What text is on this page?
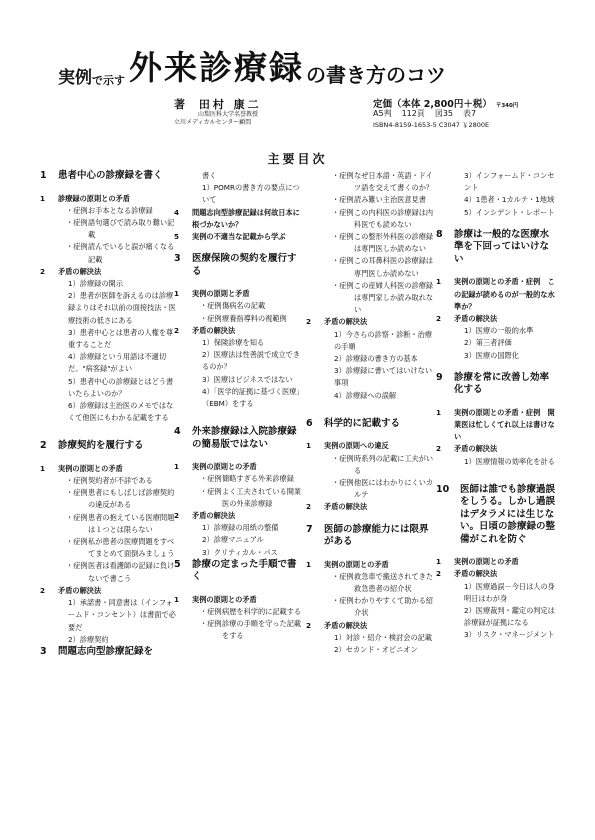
実例で示す 外来診療録 の書き方のコツ
著 田村 康二
山梨医科大学名誉教授
立川メディカルセンター顧問
定価（本体 2,800円＋税） 〒340円
A5判 112頁 図35 表7
ISBN4-8159-1653-5 C3047 ￥2800E
主要目次
1 患者中心の診療録を書く
1 診療録の原則との矛盾
・症例お手本となる診療録
・症例語句選びで読み取り難い記載
・症例読んでいると誤が痛くなる記載
2 矛盾の解決法
1）診療録の開示
2）患者が医師を訴えるのは診療録よりはそれ以前の面接技法・医療技術の低さにある
3）患者中心とは患者の人権を尊重することだ
4）診療録という用語は不適切だ。"病客録"がよい
5）患者中心の診療録とはどう書いたらよいのか？
6）診療録は主治医のメモではなくて他医にもわかる記載をする
2 診療契約を履行する
1 実例の原則との矛盾
・症例契約者が不詳である
・症例患者にもしばしば診療契約の違反がある
・症例患者の抱えている医療問題は１つとは限らない
・症例私が患者の医療問題をすべてまとめて面倒みましょう
・症例医者は看護師の記録に負けないで書こう
2 矛盾の解決法
1）承諾書・同意書は（インフォームド・コンセント）は書面で必要だ
2）診療契約
3 問題志向型診療記録を
書く
1）POMRの書き方の要点について
4 問題志向型診療記録は何故日本に根づかないか？
5 実例の不適当な記載から学ぶ
3 医療保険の契約を履行する
1 実例の原則と矛盾
・症例傷病名の記載
・症例療養指導料の視範例
2 矛盾の解決法
1）保険診療を知る
2）医療法は性善説で成立できるのか？
3）医療はビジネスではない
4）「医学的証拠に基づく医療」（EBM）をする
4 外来診療録は入院診療録の簡易版ではない
1 実例の原則との矛盾
・症例簡略すぎる外来診療録
・症例よく工夫されている開業医の外来診療録
2 矛盾の解決法
1）診療録の用紙の整備
2）診療マニュアル
3）クリティカル・パス
5 診療の定まった手順で書く
1 実例の原則との矛盾
・症例病歴を科学的に記載する
・症例診療の手順を守った記載をする
・症例なぜ日本語・英語・ドイツ語を交えて書くのか？
・症例読み難い主治医意見書
・症例この内科医の診療録は内科医でも読めない
・症例この整形外科医の診療録は専門医しか読めない
・症例この耳鼻科医の診療録は専門医しか読めない
・症例この産婦人科医の診療録は専門家しか読み取れない
2 矛盾の解決法
1）今さらの診察・診断・治療の手順
2）診療録の書き方の基本
3）診療録に書いてはいけない事項
4）診療録への誤解
6 科学的に記載する
1 実例の原則への違反
・症例時系列の記載に工夫がいる
・症例他医にはわかりにくいカルテ
2 矛盾の解決法
7 医師の診療能力には限界がある
1 実例の原則との矛盾
・症例救急車で搬送されてきた救急患者の紹介状
・症例わかりやすくて助かる紹介状
2 矛盾の解決法
1）対診・紹介・検討会の記載
2）セカンド・オピニオン
3）インフォームド・コンセント
4）1患者・1カルテ・1地域
5）インシデント・レポート
8 診療は一般的な医療水準を下回ってはいけない
1 実例の原則との矛盾・症例　この記録が読めるのが一般的な水準か？
2 矛盾の解決法
1）医療の一般的水準
2）第三者評価
3）医療の国際化
9 診療を常に改善し効率化する
1 実例の原則との矛盾・症例　開業医は忙しくてれ以上は書けない
2 矛盾の解決法
1）医療情報の効率化を計る
10 医師は誰でも診療過誤をしうる。しかし過誤はデタラメには生じない。日頃の診療録の整備がこれを防ぐ
1 実例の原則との矛盾
2 矛盾の解決法
1）医療過誤－今日は人の身明日はわが身
2）医療裁判・鑑定の判定は診療録が証拠になる
3）リスク・マネージメント
